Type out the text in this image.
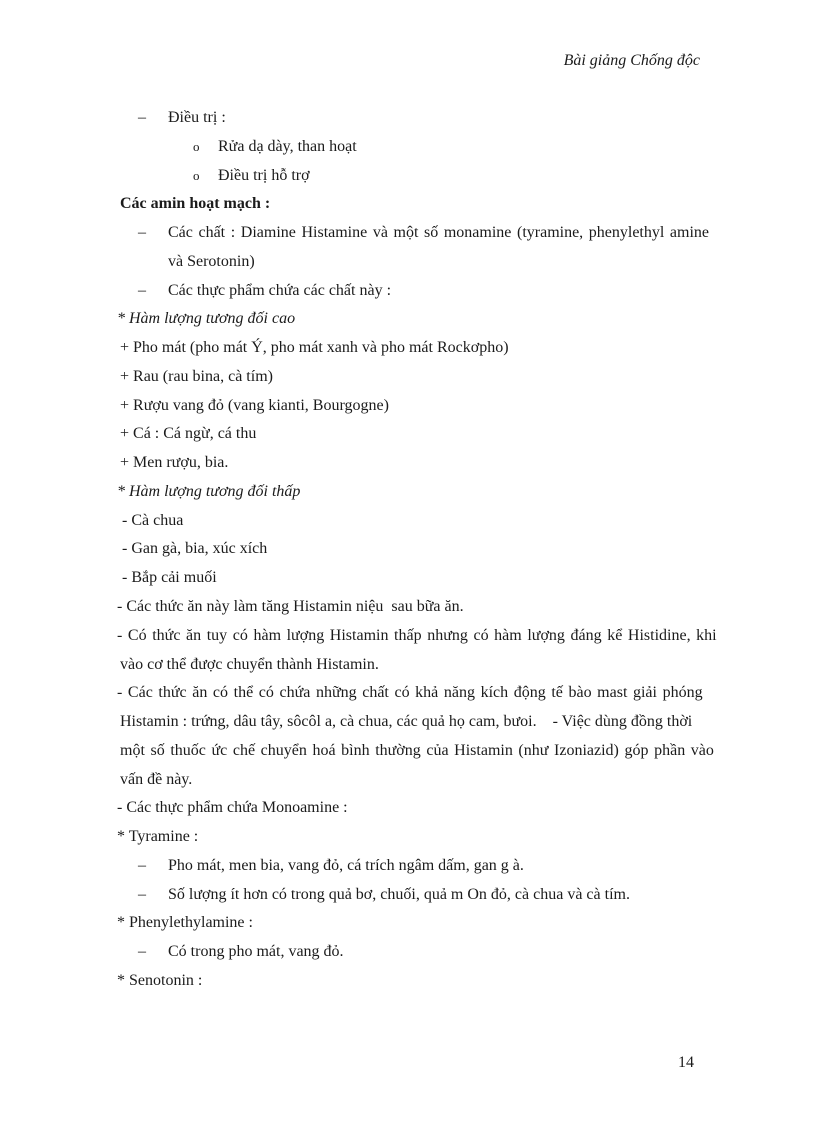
Bài giảng Chống độc
– Điều trị :
o Rửa dạ dày, than hoạt
o Điều trị hỗ trợ
Các amin hoạt mạch :
– Các chất : Diamine Histamine và một số monamine (tyramine, phenylethyl amine
và Serotonin)
– Các thực phẩm chứa các chất này :
* Hàm lượng tương đối cao
+ Pho mát (pho mát Ý, pho mát xanh và pho mát Rockơpho)
+ Rau (rau bina, cà tím)
+ Rượu vang đỏ (vang kianti, Bourgogne)
+ Cá : Cá ngừ, cá thu
+ Men rượu, bia.
* Hàm lượng tương đối thấp
- Cà chua
- Gan gà, bia, xúc xích
- Bắp cải muối
- Các thức ăn này làm tăng Histamin niệu  sau bữa ăn.
- Có thức ăn tuy có hàm lượng Histamin thấp nhưng có hàm lượng đáng kể Histidine, khi
vào cơ thể được chuyển thành Histamin.
- Các thức ăn có thể có chứa những chất có khả năng kích động tế bào mast giải phóng
Histamin : trứng, dâu tây, sôcôl a, cà chua, các quả họ cam, bưoi.    - Việc dùng đồng thời
một số thuốc ức chế chuyển hoá bình thường của Histamin (như Izoniazid) góp phần vào
vấn đề này.
- Các thực phẩm chứa Monoamine :
* Tyramine :
– Pho mát, men bia, vang đỏ, cá trích ngâm dấm, gan g à.
– Số lượng ít hơn có trong quả bơ, chuối, quả m On đỏ, cà chua và cà tím.
* Phenylethylamine :
– Có trong pho mát, vang đỏ.
* Senotonin :
14
